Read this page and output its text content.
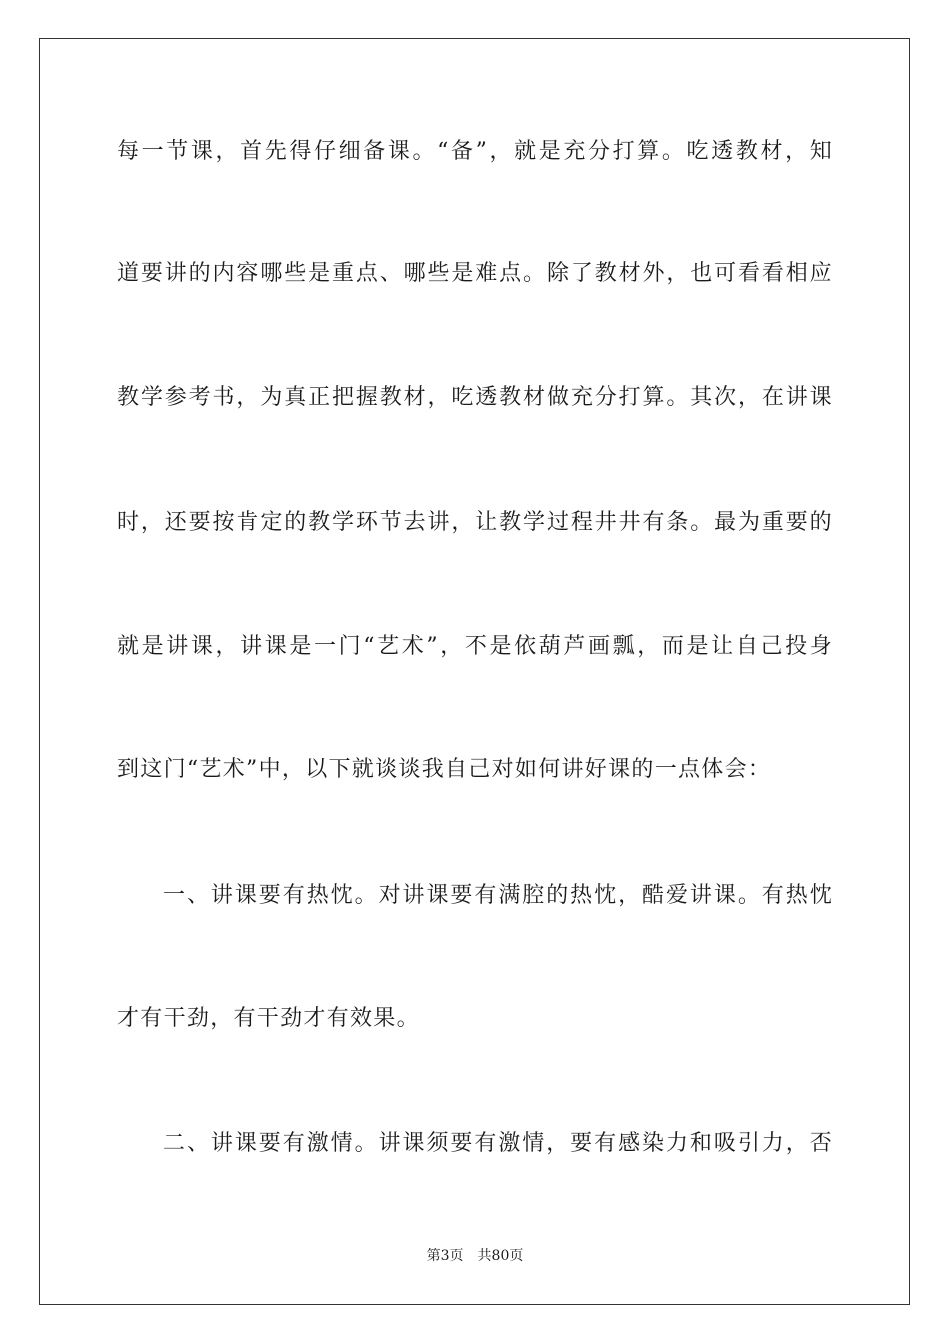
每一节课，首先得仔细备课。“备”，就是充分打算。吃透教材，知
道要讲的内容哪些是重点、哪些是难点。除了教材外，也可看看相应
教学参考书，为真正把握教材，吃透教材做充分打算。其次，在讲课
时，还要按肯定的教学环节去讲，让教学过程井井有条。最为重要的
就是讲课，讲课是一门“艺术”，不是依葫芦画瓢，而是让自己投身
到这门“艺术”中，以下就谈谈我自己对如何讲好课的一点体会：
一、讲课要有热忱。对讲课要有满腔的热忱，酷爱讲课。有热忱
才有干劲，有干劲才有效果。
二、讲课要有激情。讲课须要有激情，要有感染力和吸引力，否
第3页 共80页
